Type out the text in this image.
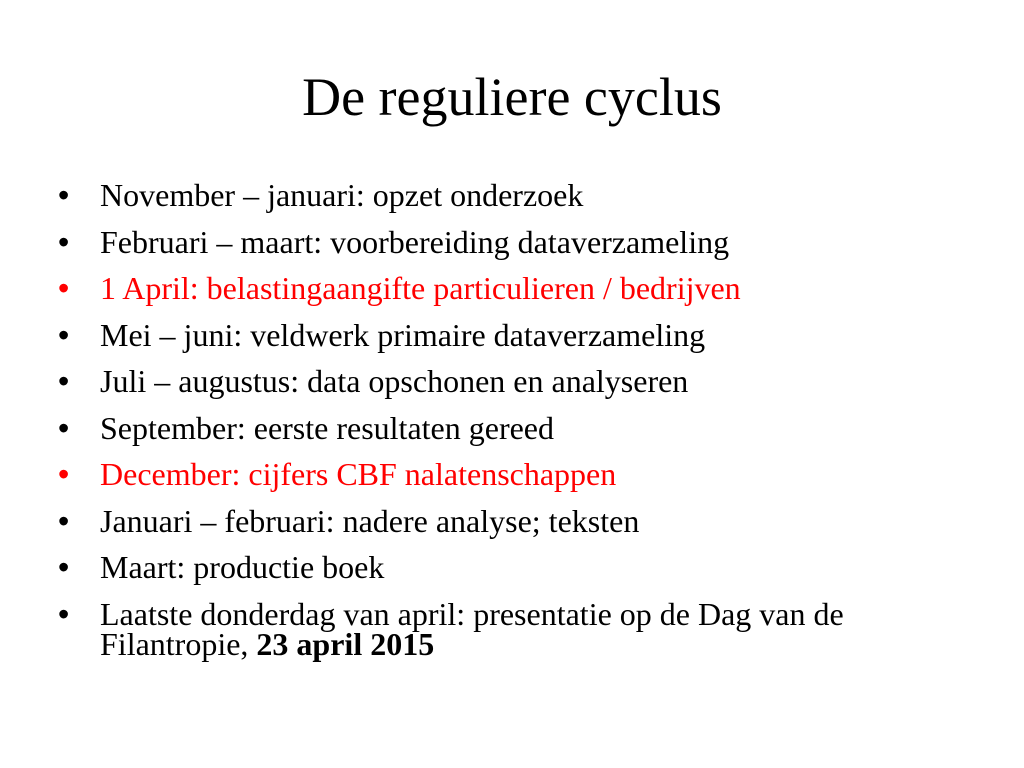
De reguliere cyclus
• November – januari: opzet onderzoek
• Februari – maart: voorbereiding dataverzameling
• 1 April: belastingaangifte particulieren / bedrijven
• Mei – juni: veldwerk primaire dataverzameling
• Juli – augustus: data opschonen en analyseren
• September: eerste resultaten gereed
• December: cijfers CBF nalatenschappen
• Januari – februari: nadere analyse; teksten
• Maart: productie boek
• Laatste donderdag van april: presentatie op de Dag van de Filantropie, 23 april 2015
